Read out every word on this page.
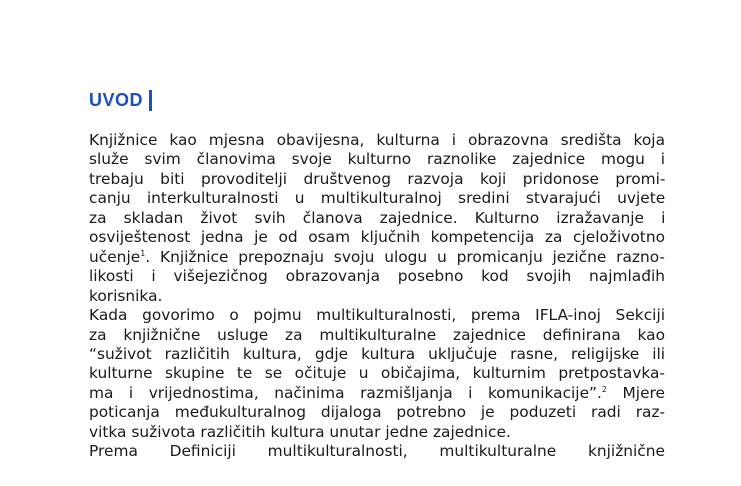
UVOD
Knjižnice kao mjesna obavijesna, kulturna i obrazovna središta koja
služe svim članovima svoje kulturno raznolike zajednice mogu i
trebaju biti provoditelji društvenog razvoja koji pridonose promi-
canju interkulturalnosti u multikulturalnoj sredini stvarajući uvjete
za skladan život svih članova zajednice. Kulturno izražavanje i
osviještenost jedna je od osam ključnih kompetencija za cjeloživotno
učenje$^1$. Knjižnice prepoznaju svoju ulogu u promicanju jezične razno-
likosti i višejezičnog obrazovanja posebno kod svojih najmlađih
korisnika.
Kada govorimo o pojmu multikulturalnosti, prema IFLA-inoj Sekciji
za knjižnične usluge za multikulturalne zajednice definirana kao
“suživot različitih kultura, gdje kultura uključuje rasne, religijske ili
kulturne skupine te se očituje u običajima, kulturnim pretpostavka-
ma i vrijednostima, načinima razmišljanja i komunikacije”.$^2$ Mjere
poticanja međukulturalnog dijaloga potrebno je poduzeti radi raz-
vitka suživota različitih kultura unutar jedne zajednice.
Prema Definiciji multikulturalnosti, multikulturalne knjižnične
